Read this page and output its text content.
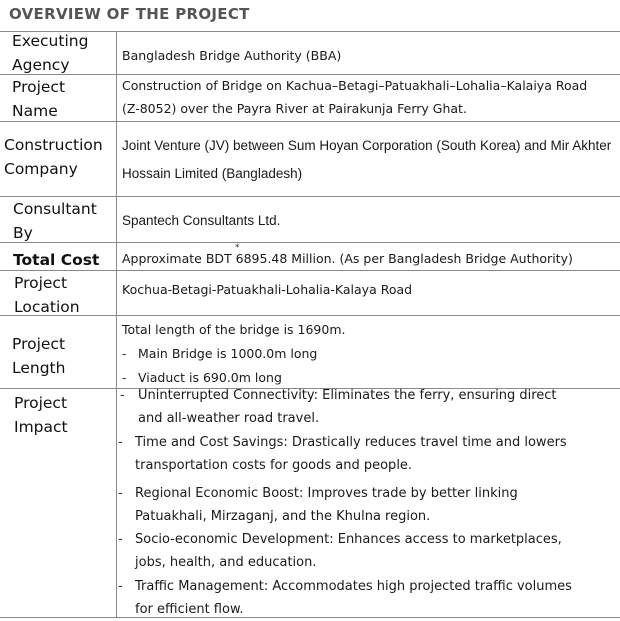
OVERVIEW OF THE PROJECT
Executing
Agency
Bangladesh Bridge Authority (BBA)
Project
Name
Construction of Bridge on Kachua–Betagi–Patuakhali–Lohalia–Kalaiya Road
(Z-8052) over the Payra River at Pairakunja Ferry Ghat.
Construction
Company
Joint Venture (JV) between Sum Hoyan Corporation (South Korea) and Mir Akhter
Hossain Limited (Bangladesh)
Consultant
By
Spantech Consultants Ltd.
Total Cost Approximate BDT 6895.48 Million. (As per Bangladesh Bridge Authority)
*
Project
Location
Kochua-Betagi-Patuakhali-Lohalia-Kalaya Road
Project
Length
Total length of the bridge is 1690m.
- Main Bridge is 1000.0m long
- Viaduct is 690.0m long
Project
Impact
- Uninterrupted Connectivity: Eliminates the ferry, ensuring direct
and all-weather road travel.
- Time and Cost Savings: Drastically reduces travel time and lowers
transportation costs for goods and people.
- Regional Economic Boost: Improves trade by better linking
Patuakhali, Mirzaganj, and the Khulna region.
- Socio-economic Development: Enhances access to marketplaces,
jobs, health, and education.
- Traffic Management: Accommodates high projected traffic volumes
for efficient flow.
